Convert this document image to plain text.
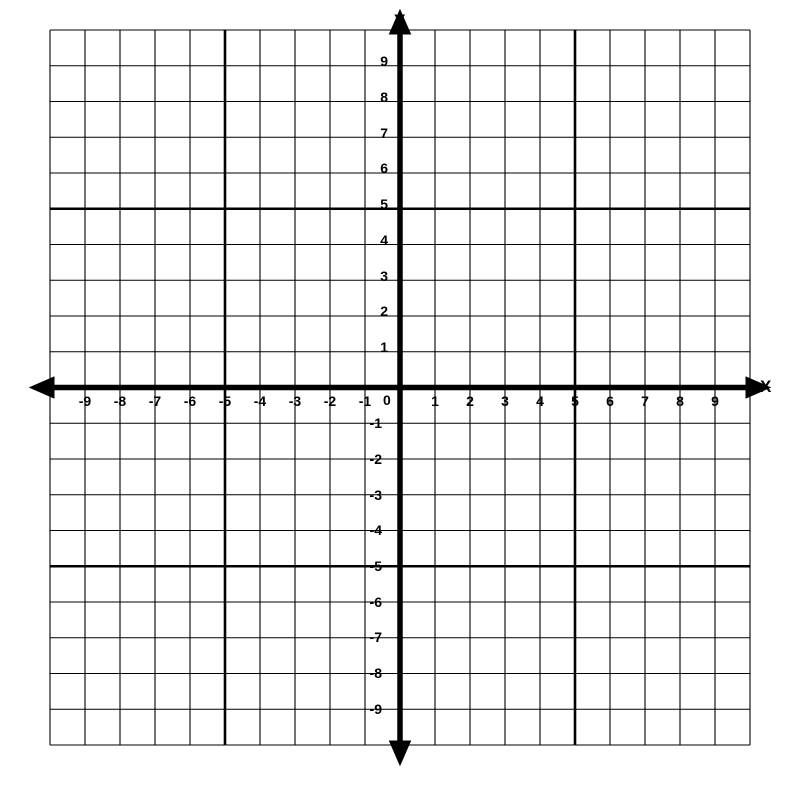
X
Y
0
-9	-8	-7	-6	-5	-4	-3	-2	-1	1	2	3	4	5	6	7	8	9
9
8
7
6
5
4
3
2
1
-1
-2
-3
-4
-5
-6
-7
-8
-9
